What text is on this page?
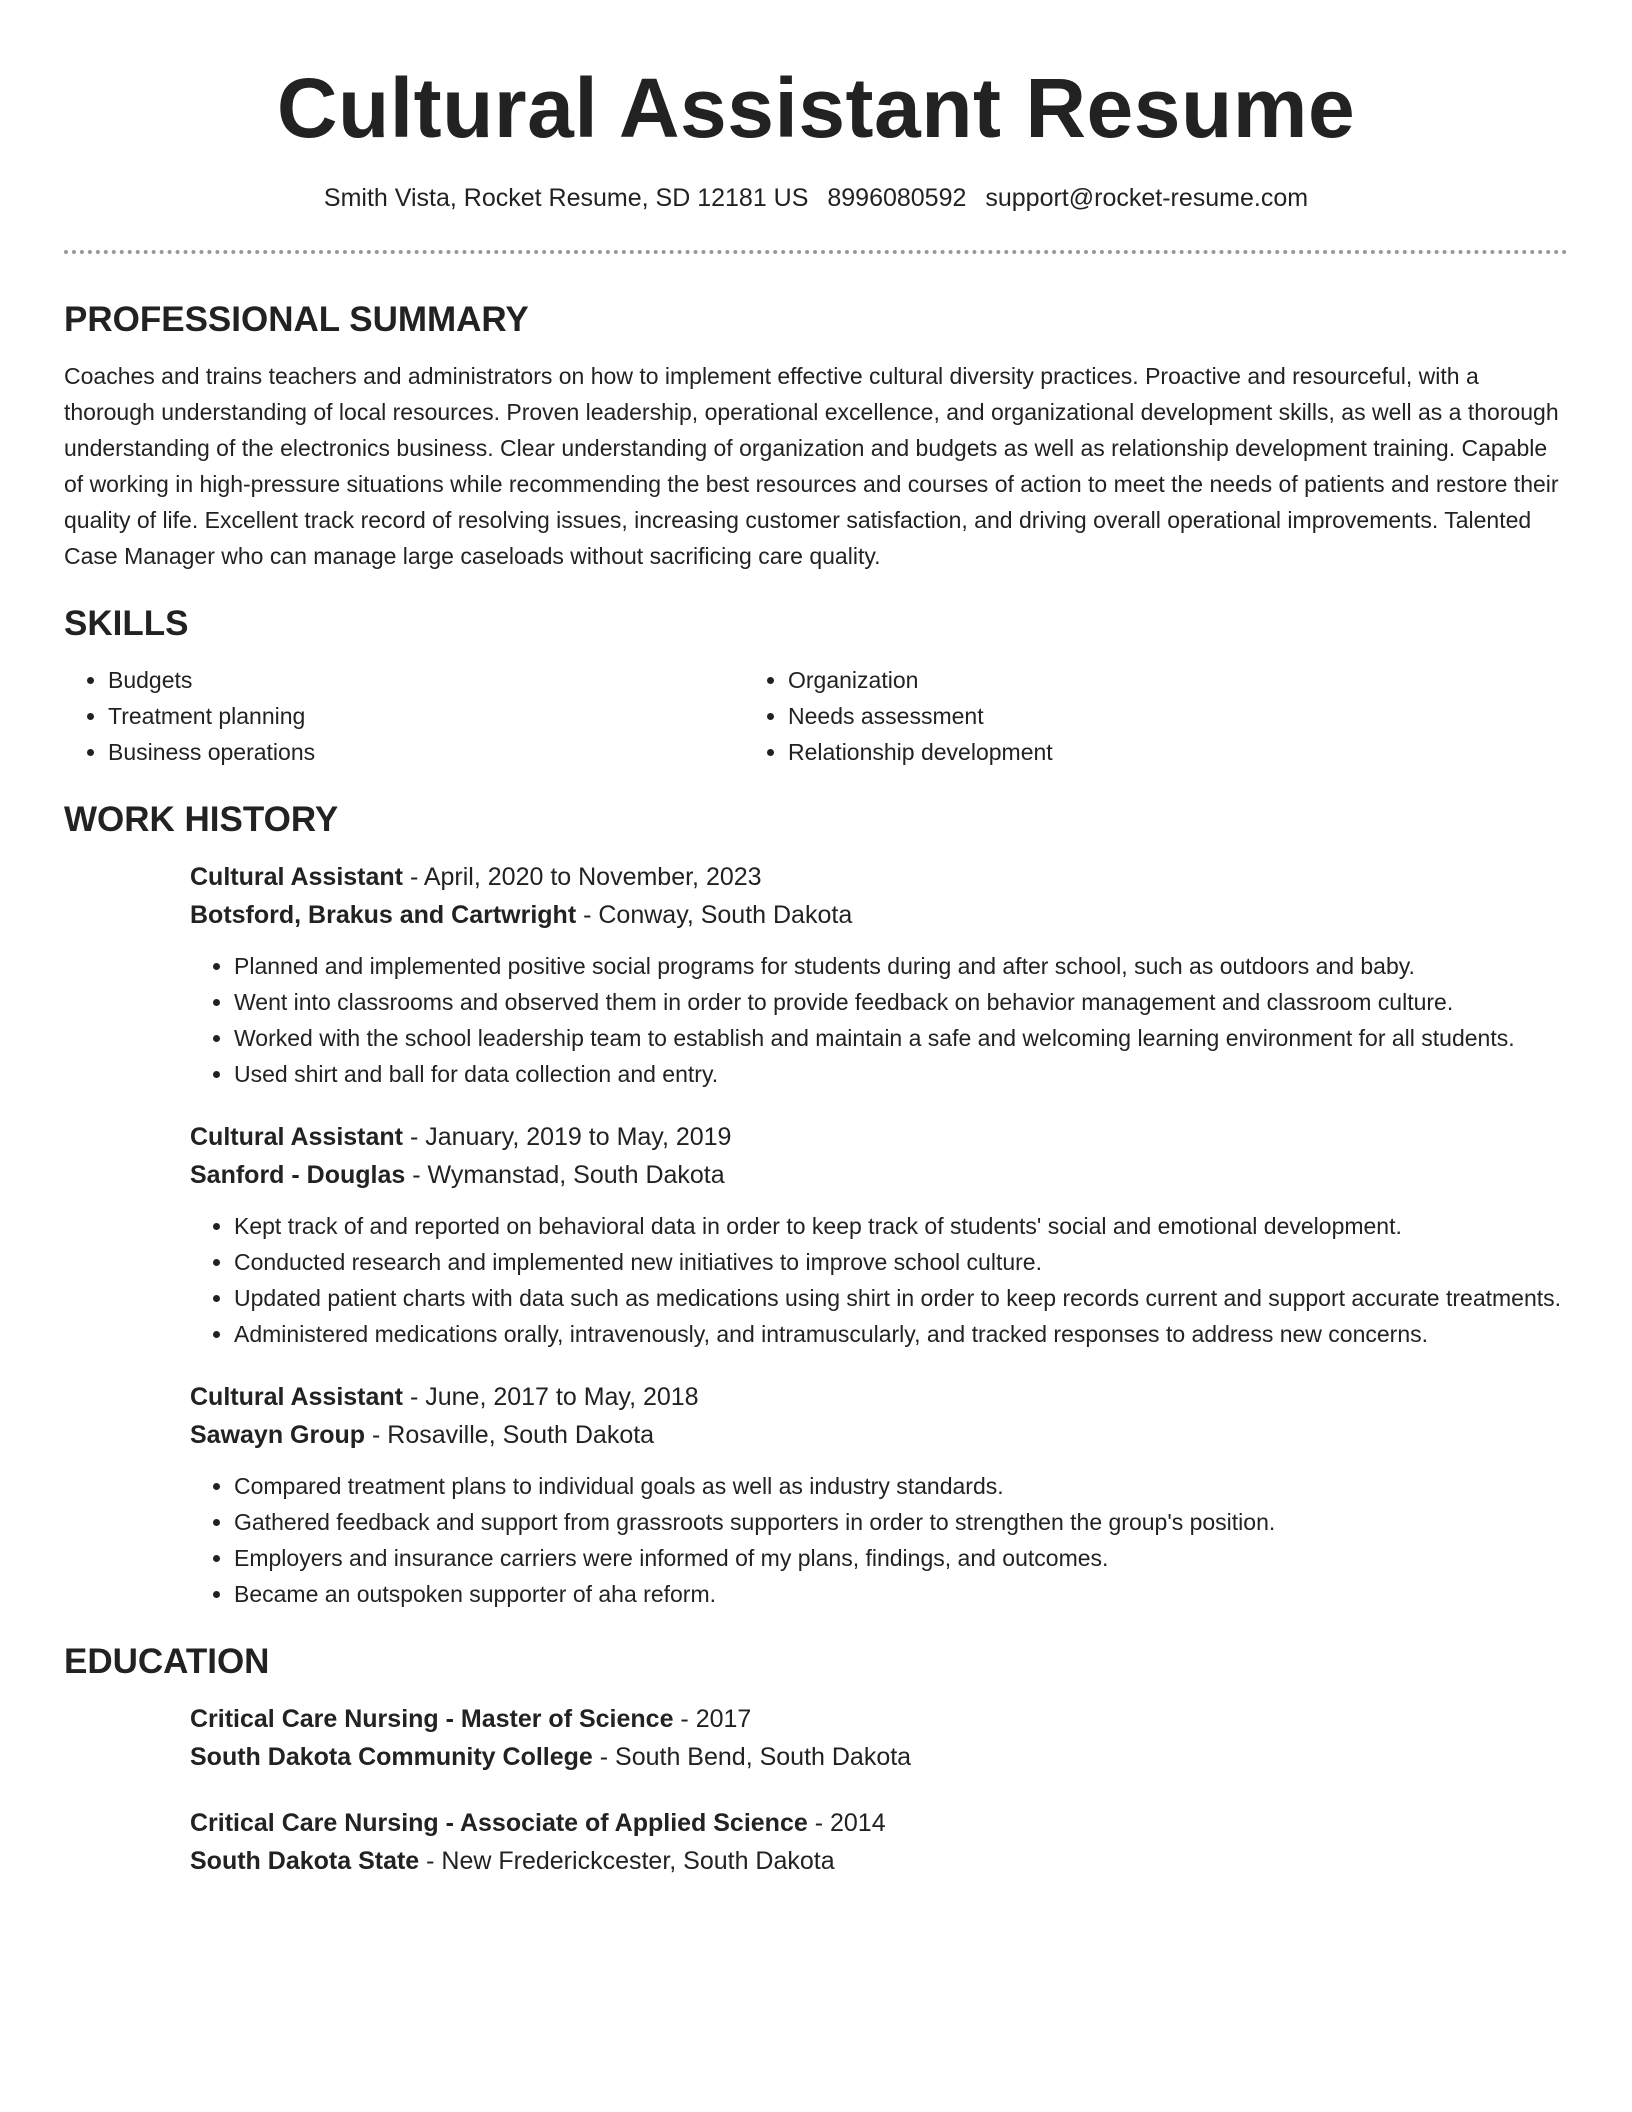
Cultural Assistant Resume
Smith Vista, Rocket Resume, SD 12181 US 8996080592 support@rocket-resume.com
PROFESSIONAL SUMMARY

Coaches and trains teachers and administrators on how to implement effective cultural diversity practices. Proactive and resourceful, with a thorough understanding of local resources. Proven leadership, operational excellence, and organizational development skills, as well as a thorough understanding of the electronics business. Clear understanding of organization and budgets as well as relationship development training. Capable of working in high-pressure situations while recommending the best resources and courses of action to meet the needs of patients and restore their quality of life. Excellent track record of resolving issues, increasing customer satisfaction, and driving overall operational improvements. Talented Case Manager who can manage large caseloads without sacrificing care quality.

SKILLS
• Budgets
• Treatment planning
• Business operations
• Organization
• Needs assessment
• Relationship development
WORK HISTORY

Cultural Assistant - April, 2020 to November, 2023

Botsford, Brakus and Cartwright - Conway, South Dakota

• Planned and implemented positive social programs for students during and after school, such as outdoors and baby.
• Went into classrooms and observed them in order to provide feedback on behavior management and classroom culture.
• Worked with the school leadership team to establish and maintain a safe and welcoming learning environment for all students.
• Used shirt and ball for data collection and entry.

Cultural Assistant - January, 2019 to May, 2019

Sanford - Douglas - Wymanstad, South Dakota

• Kept track of and reported on behavioral data in order to keep track of students' social and emotional development.
• Conducted research and implemented new initiatives to improve school culture.
• Updated patient charts with data such as medications using shirt in order to keep records current and support accurate treatments.
• Administered medications orally, intravenously, and intramuscularly, and tracked responses to address new concerns.

Cultural Assistant - June, 2017 to May, 2018

Sawayn Group - Rosaville, South Dakota

• Compared treatment plans to individual goals as well as industry standards.
• Gathered feedback and support from grassroots supporters in order to strengthen the group's position.
• Employers and insurance carriers were informed of my plans, findings, and outcomes.
• Became an outspoken supporter of aha reform.
EDUCATION

Critical Care Nursing - Master of Science - 2017

South Dakota Community College - South Bend, South Dakota

Critical Care Nursing - Associate of Applied Science - 2014

South Dakota State - New Frederickcester, South Dakota
